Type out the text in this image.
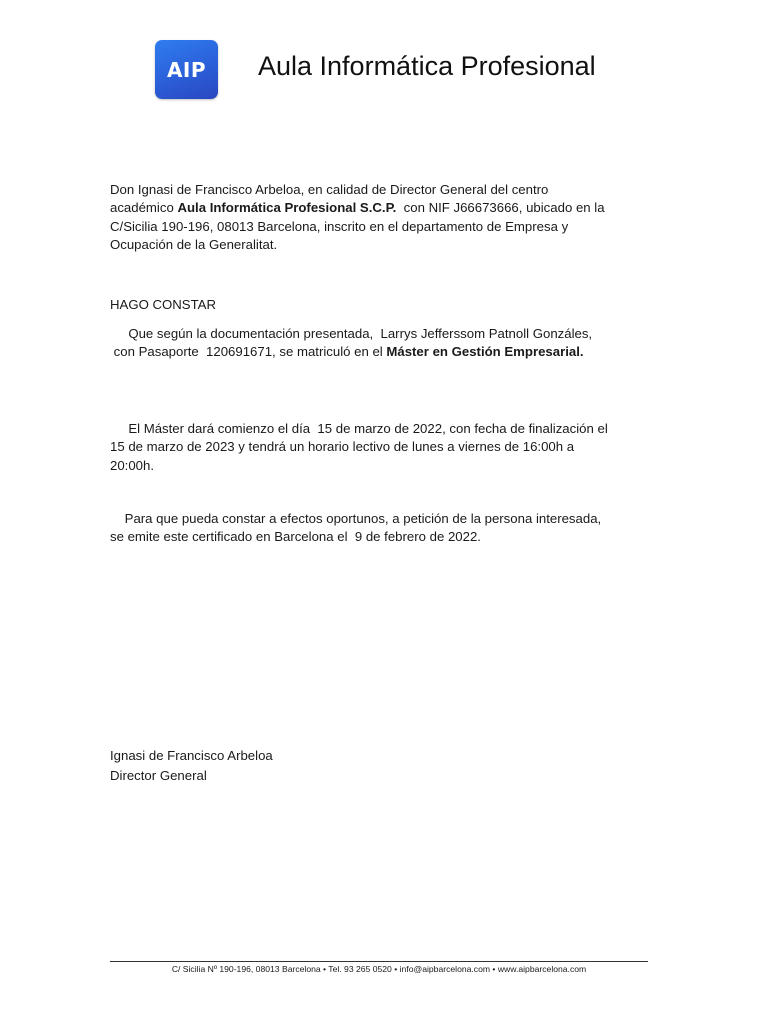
AIP Aula Informática Profesional
Don Ignasi de Francisco Arbeloa, en calidad de Director General del centro
académico Aula Informática Profesional S.C.P.  con NIF J66673666, ubicado en la
C/Sicilia 190-196, 08013 Barcelona, inscrito en el departamento de Empresa y
Ocupación de la Generalitat.
HAGO CONSTAR
Que según la documentación presentada,  Larrys Jefferssom Patnoll Gonzáles,
con Pasaporte  120691671, se matriculó en el Máster en Gestión Empresarial.
El Máster dará comienzo el día  15 de marzo de 2022, con fecha de finalización el
15 de marzo de 2023 y tendrá un horario lectivo de lunes a viernes de 16:00h a
20:00h.
Para que pueda constar a efectos oportunos, a petición de la persona interesada,
se emite este certificado en Barcelona el  9 de febrero de 2022.
Ignasi de Francisco Arbeloa
Director General
C/ Sicilia Nº 190-196, 08013 Barcelona • Tel. 93 265 0520 • info@aipbarcelona.com • www.aipbarcelona.com
